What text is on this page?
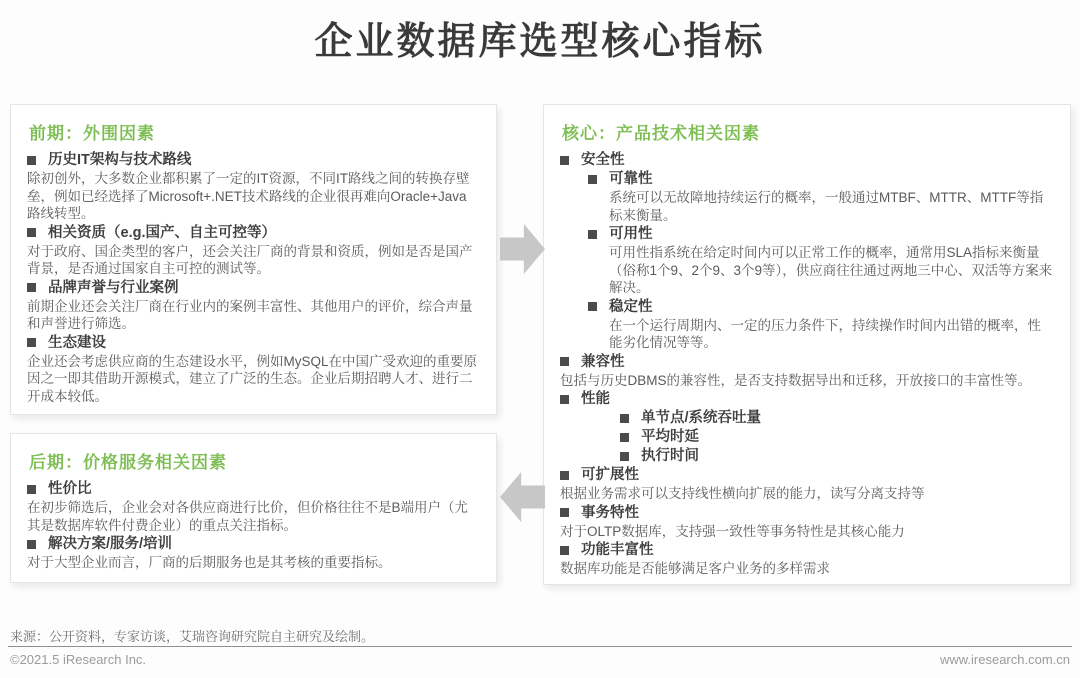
企业数据库选型核心指标
前期：外围因素
历史IT架构与技术路线
除初创外，大多数企业都积累了一定的IT资源，不同IT路线之间的转换存壁垒，例如已经选择了Microsoft+.NET技术路线的企业很再难向Oracle+Java路线转型。
相关资质（e.g.国产、自主可控等）
对于政府、国企类型的客户，还会关注厂商的背景和资质，例如是否是国产背景，是否通过国家自主可控的测试等。
品牌声誉与行业案例
前期企业还会关注厂商在行业内的案例丰富性、其他用户的评价，综合声量和声誉进行筛选。
生态建设
企业还会考虑供应商的生态建设水平，例如MySQL在中国广受欢迎的重要原因之一即其借助开源模式，建立了广泛的生态。企业后期招聘人才、进行二开成本较低。
后期：价格服务相关因素
性价比
在初步筛选后，企业会对各供应商进行比价，但价格往往不是B端用户（尤其是数据库软件付费企业）的重点关注指标。
解决方案/服务/培训
对于大型企业而言，厂商的后期服务也是其考核的重要指标。
核心：产品技术相关因素
安全性
可靠性
系统可以无故障地持续运行的概率，一般通过MTBF、MTTR、MTTF等指标来衡量。
可用性
可用性指系统在给定时间内可以正常工作的概率，通常用SLA指标来衡量（俗称1个9、2个9、3个9等），供应商往往通过两地三中心、双活等方案来解决。
稳定性
在一个运行周期内、一定的压力条件下，持续操作时间内出错的概率，性能劣化情况等等。
兼容性
包括与历史DBMS的兼容性，是否支持数据导出和迁移，开放接口的丰富性等。
性能
单节点/系统吞吐量
平均时延
执行时间
可扩展性
根据业务需求可以支持线性横向扩展的能力，读写分离支持等
事务特性
对于OLTP数据库，支持强一致性等事务特性是其核心能力
功能丰富性
数据库功能是否能够满足客户业务的多样需求
来源：公开资料，专家访谈，艾瑞咨询研究院自主研究及绘制。
©2021.5 iResearch Inc.	www.iresearch.com.cn
